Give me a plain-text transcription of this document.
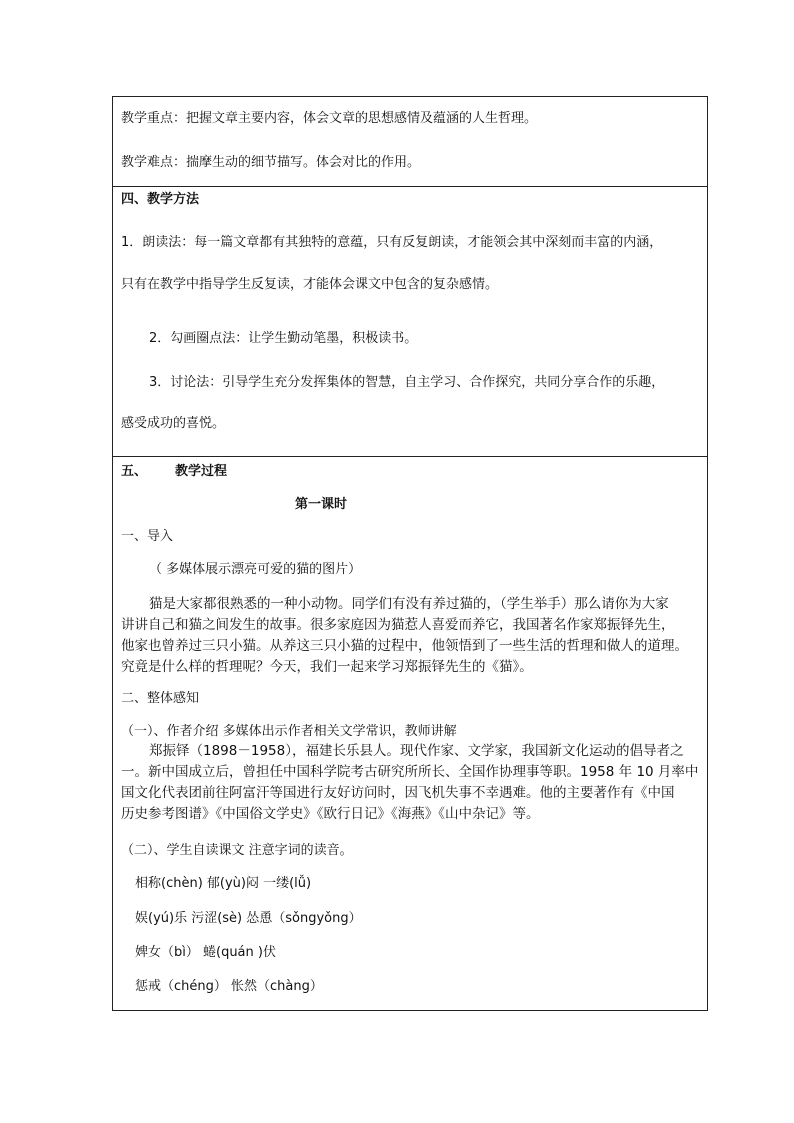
教学重点：把握文章主要内容，体会文章的思想感情及蕴涵的人生哲理。
教学难点：揣摩生动的细节描写。体会对比的作用。
四、教学方法
1．朗读法：每一篇文章都有其独特的意蕴，只有反复朗读，才能领会其中深刻而丰富的内涵，
只有在教学中指导学生反复读，才能体会课文中包含的复杂感情。
2．勾画圈点法：让学生勤动笔墨，积极读书。
3．讨论法：引导学生充分发挥集体的智慧，自主学习、合作探究，共同分享合作的乐趣，
感受成功的喜悦。
五、 教学过程
第一课时
一、导入
（ 多媒体展示漂亮可爱的猫的图片）
猫是大家都很熟悉的一种小动物。同学们有没有养过猫的，（学生举手）那么请你为大家
讲讲自己和猫之间发生的故事。很多家庭因为猫惹人喜爱而养它，我国著名作家郑振铎先生，
他家也曾养过三只小猫。从养这三只小猫的过程中，他领悟到了一些生活的哲理和做人的道理。
究竟是什么样的哲理呢？今天，我们一起来学习郑振铎先生的《猫》。
二、整体感知
（一）、作者介绍 多媒体出示作者相关文学常识，教师讲解
郑振铎（1898－1958），福建长乐县人。现代作家、文学家，我国新文化运动的倡导者之
一。新中国成立后，曾担任中国科学院考古研究所所长、全国作协理事等职。1958 年 10 月率中
国文化代表团前往阿富汗等国进行友好访问时，因飞机失事不幸遇难。他的主要著作有《中国
历史参考图谱》《中国俗文学史》《欧行日记》《海燕》《山中杂记》等。
（二）、学生自读课文 注意字词的读音。
相称(chèn) 郁(yù)闷 一缕(lǚ)
娱(yú)乐 污涩(sè) 怂恿（sǒngyǒng）
婢女（bì） 蜷(quán )伏
惩戒（chéng） 怅然（chàng）
